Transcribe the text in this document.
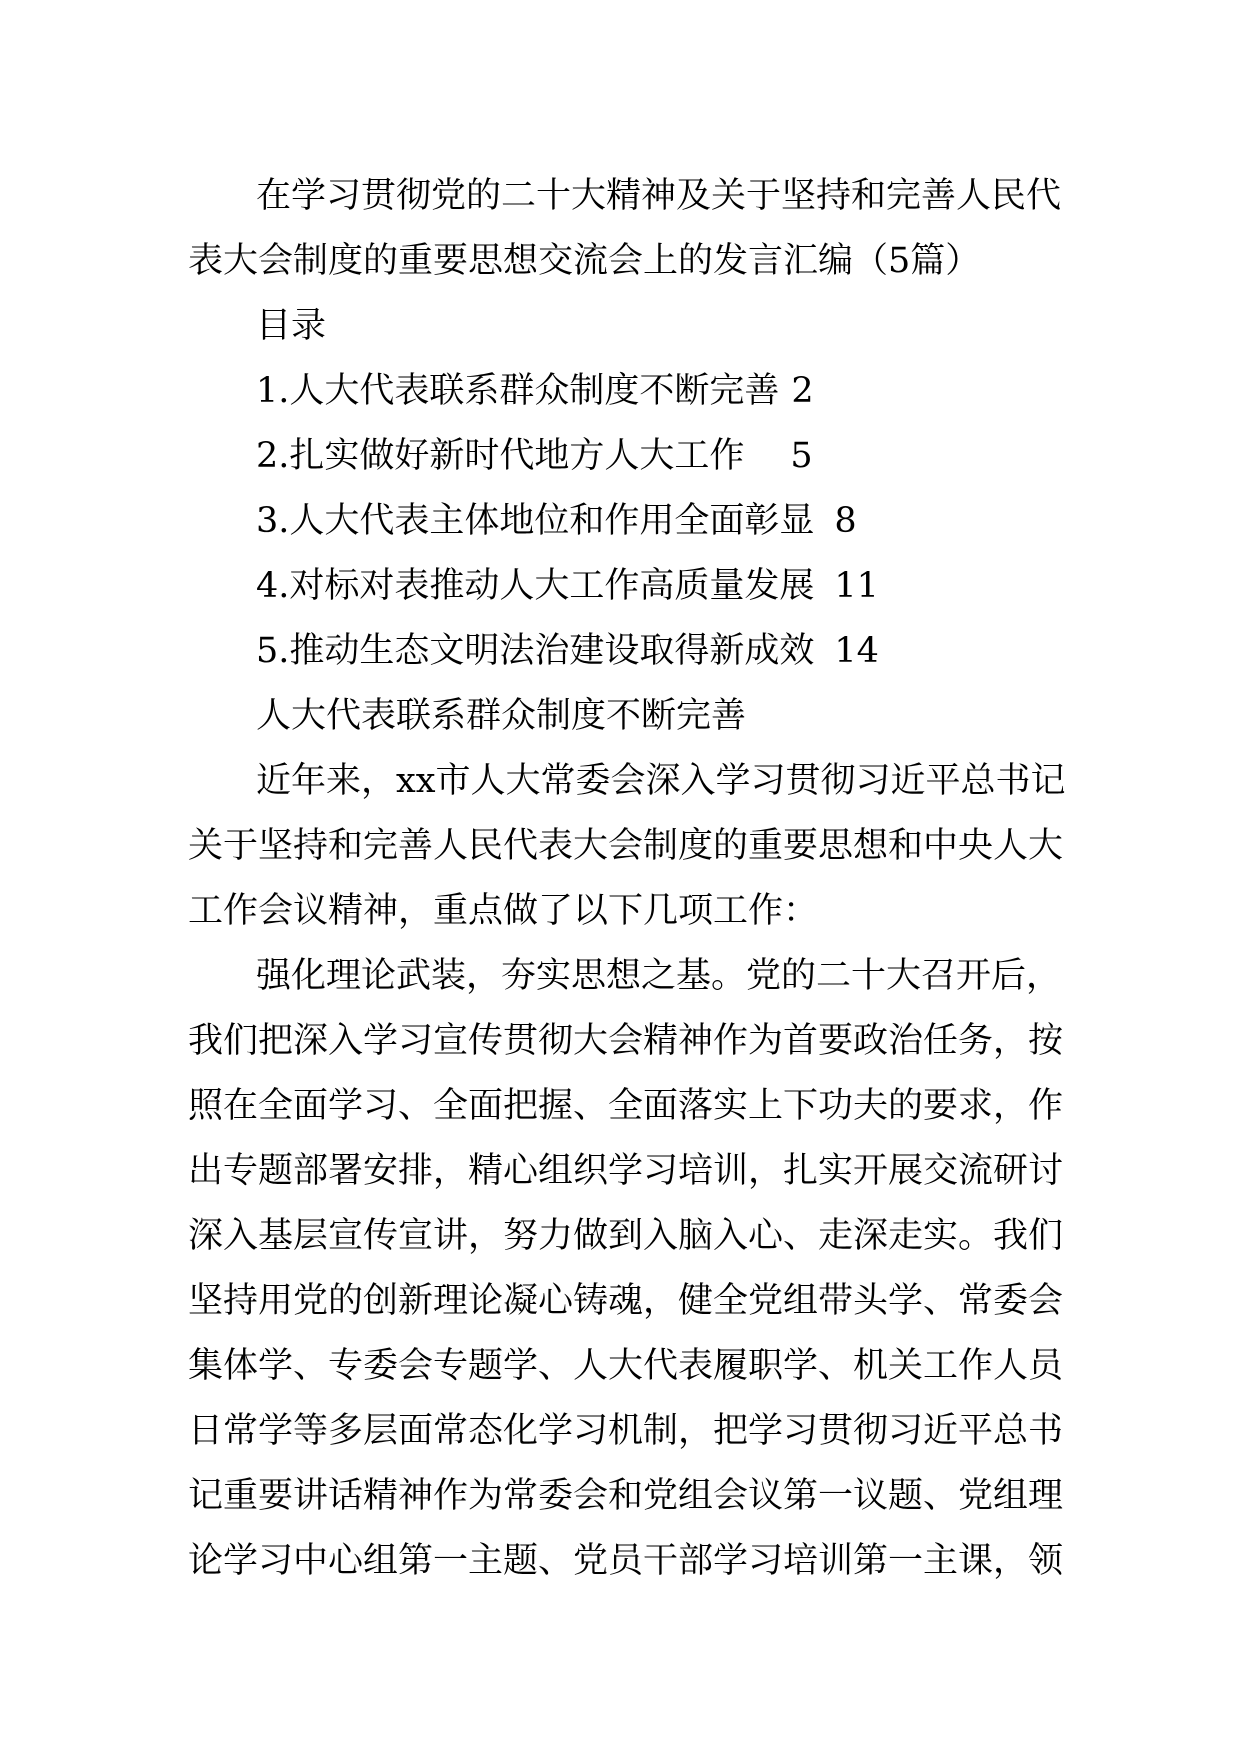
在学习贯彻党的二十大精神及关于坚持和完善人民代
表大会制度的重要思想交流会上的发言汇编（5篇）
目录
1.人大代表联系群众制度不断完善 2
2.扎实做好新时代地方人大工作 5
3.人大代表主体地位和作用全面彰显 8
4.对标对表推动人大工作高质量发展 11
5.推动生态文明法治建设取得新成效 14
人大代表联系群众制度不断完善
近年来，xx市人大常委会深入学习贯彻习近平总书记
关于坚持和完善人民代表大会制度的重要思想和中央人大
工作会议精神，重点做了以下几项工作：
强化理论武装，夯实思想之基。党的二十大召开后，
我们把深入学习宣传贯彻大会精神作为首要政治任务，按
照在全面学习、全面把握、全面落实上下功夫的要求，作
出专题部署安排，精心组织学习培训，扎实开展交流研讨
深入基层宣传宣讲，努力做到入脑入心、走深走实。我们
坚持用党的创新理论凝心铸魂，健全党组带头学、常委会
集体学、专委会专题学、人大代表履职学、机关工作人员
日常学等多层面常态化学习机制，把学习贯彻习近平总书
记重要讲话精神作为常委会和党组会议第一议题、党组理
论学习中心组第一主题、党员干部学习培训第一主课，领
